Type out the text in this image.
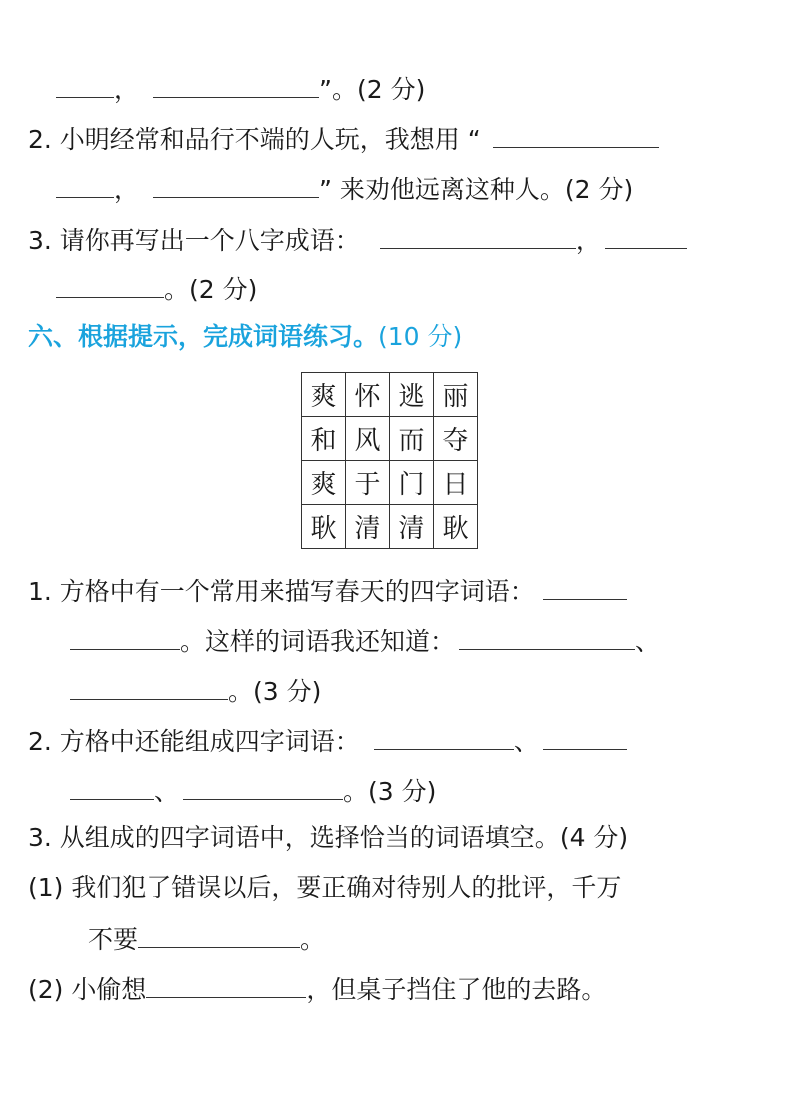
，	”。(2 分)
2. 小明经常和品行不端的人玩，我想用 “
，	” 来劝他远离这种人。(2 分)
3. 请你再写出一个八字成语：	，
。(2 分)
六、根据提示，完成词语练习。(10 分)
爽	怀	逃	丽
和	风	而	夺
爽	于	门	日
耿	清	清	耿
1. 方格中有一个常用来描写春天的四字词语：
。这样的词语我还知道：	、
。(3 分)
2. 方格中还能组成四字词语：	、
、	。(3 分)
3. 从组成的四字词语中，选择恰当的词语填空。(4 分)
(1) 我们犯了错误以后，要正确对待别人的批评，千万
不要	。
(2) 小偷想	，但桌子挡住了他的去路。
